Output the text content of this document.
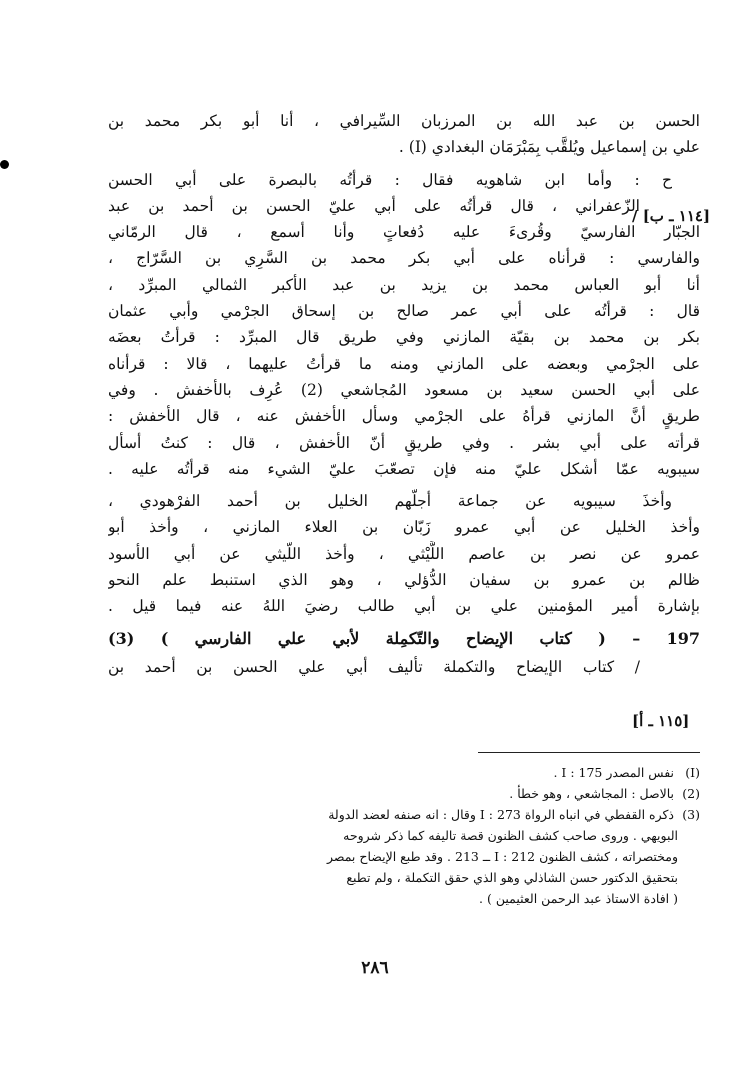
[١١٤ ـ ب] /
[١١٥ ـ أ]
الحسن بن عبد الله بن المرزبان السِّيرافي ، أنا أبو بكر محمد بن
علي بن إسماعيل ويُلقَّب بِمَبْرَمَان البغدادي (I) .
ح : وأما ابن شاهويه فقال : قرأتُه بالبصرة على أبي الحسن
الزّعفراني ، قال قرأتُه على أبي عليّ الحسن بن أحمد بن عبد
الجبّار الفارسيّ وقُرىءَ عليه دُفعاتٍ وأنا أسمع ، قال الرمّاني
والفارسي : قرأناه على أبي بكر محمد بن السَّرِي بن السَّرّاج ،
أنا أبو العباس محمد بن يزيد بن عبد الأكبر الثمالي المبرِّد ،
قال : قرأتُه على أبي عمر صالح بن إسحاق الجرْمي وأبي عثمان
بكر بن محمد بن بقيّة المازني وفي طريق قال المبرِّد : قرأتُ بعضَه
على الجرْمي وبعضه على المازني ومنه ما قرأتُ عليهما ، قالا : قرأناه
على أبي الحسن سعيد بن مسعود المُجاشعي (2) عُرِف بالأخفش . وفي
طريقٍ أنَّ المازني قرأهُ على الجرْمي وسأل الأخفش عنه ، قال الأخفش :
قرأته على أبي بشر . وفي طريقٍ أنّ الأخفش ، قال : كنتُ أسأل
سيبويه عمّا أشكل عليّ منه فإن تصعّبَ عليّ الشيء منه قرأتُه عليه .
وأخذَ سيبويه عن جماعة أجلّهم الخليل بن أحمد الفرْهودي ،
وأخذ الخليل عن أبي عمرو زَبّان بن العلاء المازني ، وأخذ أبو
عمرو عن نصر بن عاصم اللَّيْثي ، وأخذ اللّيثي عن أبي الأسود
ظالم بن عمرو بن سفيان الدُّؤلي ، وهو الذي استنبط علم النحو
بإشارة أمير المؤمنين علي بن أبي طالب رضيَ اللهُ عنه فيما قيل .
197 – ( كتاب الإيضاح والتّكمِلة لأبي علي الفارسي ) (3)
/ كتاب الإيضاح والتكملة تأليف أبي علي الحسن بن أحمد بن
(I) نفس المصدر I : 175 .
(2) بالاصل : المجاشعي ، وهو خطأ .
(3) ذكره القفطي في انباه الرواة I : 273 وقال : انه صنفه لعضد الدولة
البويهي . وروى صاحب كشف الظنون قصة تاليفه كما ذكر شروحه
ومختصراته ، كشف الظنون I : 212 ــ 213 . وقد طبع الإيضاح بمصر
بتحقيق الدكتور حسن الشاذلي وهو الذي حقق التكملة ، ولم تطبع
( افادة الاستاذ عبد الرحمن العثيمين ) .
٢٨٦
